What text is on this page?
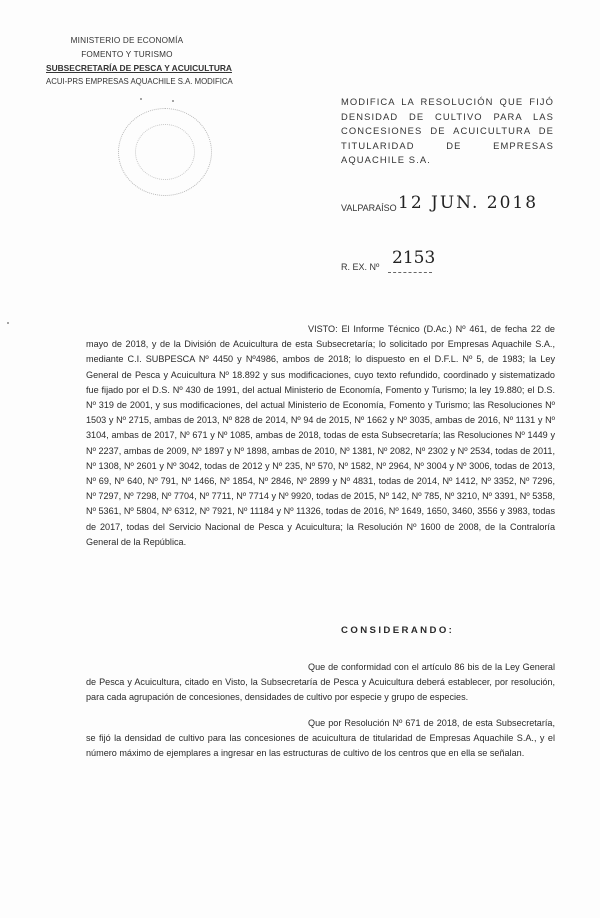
MINISTERIO DE ECONOMÍA
FOMENTO Y TURISMO
SUBSECRETARÍA DE PESCA Y ACUICULTURA
ACUI-PRS EMPRESAS AQUACHILE S.A. MODIFICA
MODIFICA LA RESOLUCIÓN QUE FIJÓ DENSIDAD DE CULTIVO PARA LAS CONCESIONES DE ACUICULTURA DE TITULARIDAD DE EMPRESAS AQUACHILE S.A.
VALPARAÍSO 12 JUN. 2018
R. EX. Nº 2153

VISTO: El Informe Técnico (D.Ac.) Nº 461, de fecha 22 de mayo de 2018, y de la División de Acuicultura de esta Subsecretaría; lo solicitado por Empresas Aquachile S.A., mediante C.I. SUBPESCA Nº 4450 y Nº4986, ambos de 2018; lo dispuesto en el D.F.L. Nº 5, de 1983; la Ley General de Pesca y Acuicultura Nº 18.892 y sus modificaciones, cuyo texto refundido, coordinado y sistematizado fue fijado por el D.S. Nº 430 de 1991, del actual Ministerio de Economía, Fomento y Turismo; la ley 19.880; el D.S. Nº 319 de 2001, y sus modificaciones, del actual Ministerio de Economía, Fomento y Turismo; las Resoluciones Nº 1503 y Nº 2715, ambas de 2013, Nº 828 de 2014, Nº 94 de 2015, Nº 1662 y Nº 3035, ambas de 2016, Nº 1131 y Nº 3104, ambas de 2017, Nº 671 y Nº 1085, ambas de 2018, todas de esta Subsecretaría; las Resoluciones Nº 1449 y Nº 2237, ambas de 2009, Nº 1897 y Nº 1898, ambas de 2010, Nº 1381, Nº 2082, Nº 2302 y Nº 2534, todas de 2011, Nº 1308, Nº 2601 y Nº 3042, todas de 2012 y Nº 235, Nº 570, Nº 1582, Nº 2964, Nº 3004 y Nº 3006, todas de 2013, Nº 69, Nº 640, Nº 791, Nº 1466, Nº 1854, Nº 2846, Nº 2899 y Nº 4831, todas de 2014, Nº 1412, Nº 3352, Nº 7296, Nº 7297, Nº 7298, Nº 7704, Nº 7711, Nº 7714 y Nº 9920, todas de 2015, Nº 142, Nº 785, Nº 3210, Nº 3391, Nº 5358, Nº 5361, Nº 5804, Nº 6312, Nº 7921, Nº 11184 y Nº 11326, todas de 2016, Nº 1649, 1650, 3460, 3556 y 3983, todas de 2017, todas del Servicio Nacional de Pesca y Acuicultura; la Resolución Nº 1600 de 2008, de la Contraloría General de la República.

CONSIDERANDO:

Que de conformidad con el artículo 86 bis de la Ley General de Pesca y Acuicultura, citado en Visto, la Subsecretaría de Pesca y Acuicultura deberá establecer, por resolución, para cada agrupación de concesiones, densidades de cultivo por especie y grupo de especies.

Que por Resolución Nº 671 de 2018, de esta Subsecretaría, se fijó la densidad de cultivo para las concesiones de acuicultura de titularidad de Empresas Aquachile S.A., y el número máximo de ejemplares a ingresar en las estructuras de cultivo de los centros que en ella se señalan.
